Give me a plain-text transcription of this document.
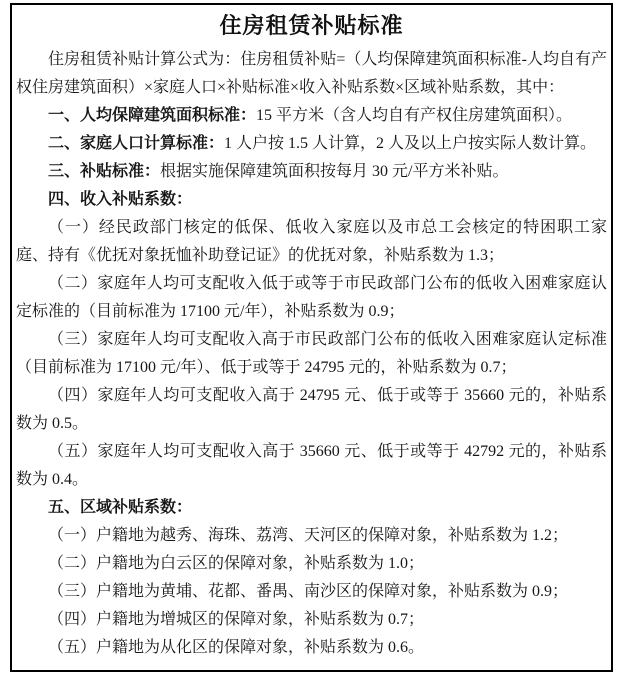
住房租赁补贴标准

住房租赁补贴计算公式为：住房租赁补贴=（人均保障建筑面积标准-人均自有产权住房建筑面积）×家庭人口×补贴标准×收入补贴系数×区域补贴系数，其中：

一、人均保障建筑面积标准：15 平方米（含人均自有产权住房建筑面积）。

二、家庭人口计算标准：1 人户按 1.5 人计算，2 人及以上户按实际人数计算。

三、补贴标准：根据实施保障建筑面积按每月 30 元/平方米补贴。

四、收入补贴系数：

（一）经民政部门核定的低保、低收入家庭以及市总工会核定的特困职工家庭、持有《优抚对象抚恤补助登记证》的优抚对象，补贴系数为 1.3；

（二）家庭年人均可支配收入低于或等于市民政部门公布的低收入困难家庭认定标准的（目前标准为 17100 元/年），补贴系数为 0.9；

（三）家庭年人均可支配收入高于市民政部门公布的低收入困难家庭认定标准（目前标准为 17100 元/年）、低于或等于 24795 元的，补贴系数为 0.7；

（四）家庭年人均可支配收入高于 24795 元、低于或等于 35660 元的，补贴系数为 0.5。

（五）家庭年人均可支配收入高于 35660 元、低于或等于 42792 元的，补贴系数为 0.4。

五、区域补贴系数：

（一）户籍地为越秀、海珠、荔湾、天河区的保障对象，补贴系数为 1.2；

（二）户籍地为白云区的保障对象，补贴系数为 1.0；

（三）户籍地为黄埔、花都、番禺、南沙区的保障对象，补贴系数为 0.9；

（四）户籍地为增城区的保障对象，补贴系数为 0.7；

（五）户籍地为从化区的保障对象，补贴系数为 0.6。
